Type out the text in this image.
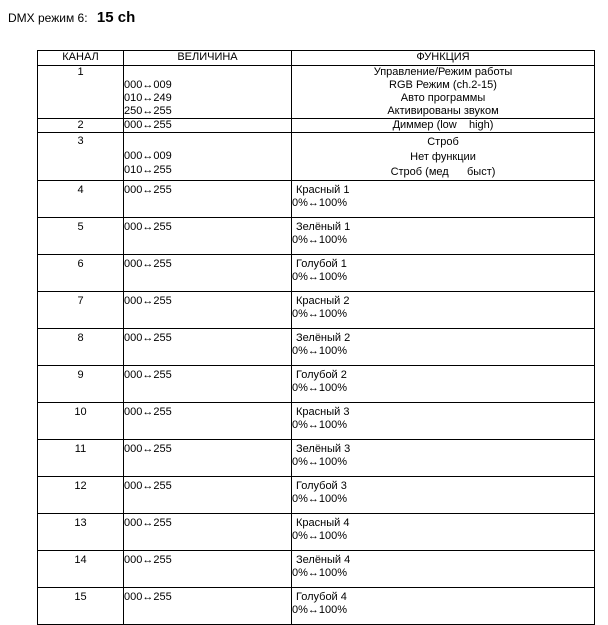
DMX режим 6: 15 ch
КАНАЛ	ВЕЛИЧИНА	ФУНКЦИЯ
1	000↔009
010↔249
250↔255	Управление/Режим работы
RGB Режим (ch.2-15)
Авто программы
Активированы звуком

2	000↔255	Диммер (low    high)

3	000↔009
010↔255	Строб
Нет функции
Строб (мед      быст)

4	000↔255	Красный 1
0%↔100%

5	000↔255	Зелёный 1
0%↔100%

6	000↔255	Голубой 1
0%↔100%

7	000↔255	Красный 2
0%↔100%

8	000↔255	Зелёный 2
0%↔100%

9	000↔255	Голубой 2
0%↔100%

10	000↔255	Красный 3
0%↔100%

11	000↔255	Зелёный 3
0%↔100%

12	000↔255	Голубой 3
0%↔100%

13	000↔255	Красный 4
0%↔100%

14	000↔255	Зелёный 4
0%↔100%

15	000↔255	Голубой 4
0%↔100%
